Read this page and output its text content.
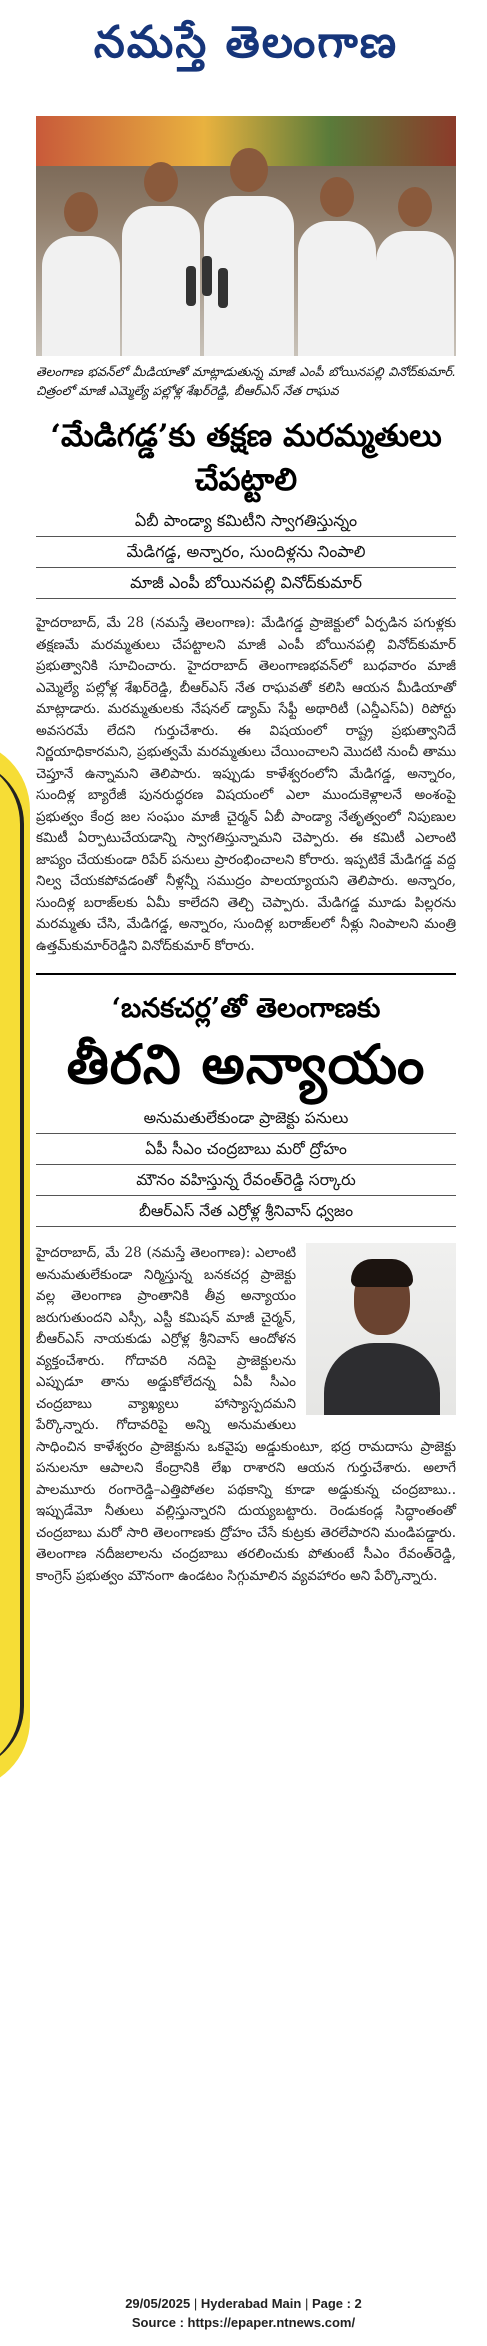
నమస్తే తెలంగాణ
తెలంగాణ భవన్‌లో మీడియాతో మాట్లాడుతున్న మాజీ ఎంపీ బోయినపల్లి వినోద్‌కుమార్. చిత్రంలో మాజీ ఎమ్మెల్యే పల్లోళ్ల శేఖర్‌రెడ్డి, బీఆర్‌ఎస్ నేత రాఘవ
‘మేడిగడ్డ’కు తక్షణ మరమ్మతులు చేపట్టాలి
ఏబీ పాండ్యా కమిటీని స్వాగతిస్తున్నం
మేడిగడ్డ, అన్నారం, సుందిళ్లను నింపాలి
మాజీ ఎంపీ బోయినపల్లి వినోద్‌కుమార్
హైదరాబాద్, మే 28 (నమస్తే తెలంగాణ): మేడిగడ్డ ప్రాజెక్టులో ఏర్పడిన పగుళ్లకు తక్షణమే మరమ్మతులు చేపట్టాలని మాజీ ఎంపీ బోయినపల్లి వినోద్‌కుమార్ ప్రభుత్వానికి సూచించారు. హైదరాబాద్ తెలంగాణభవన్‌లో బుధవారం మాజీ ఎమ్మెల్యే పల్లోళ్ల శేఖర్‌రెడ్డి, బీఆర్‌ఎస్ నేత రాఘవతో కలిసి ఆయన మీడియాతో మాట్లాడారు. మరమ్మతులకు నేషనల్ డ్యామ్ సేఫ్టీ అథారిటీ (ఎన్డీఎస్‌ఏ) రిపోర్టు అవసరమే లేదని గుర్తుచేశారు. ఈ విషయంలో రాష్ట్ర ప్రభుత్వానిదే నిర్ణయాధికారమని, ప్రభుత్వమే మరమ్మతులు చేయించాలని మొదటి నుంచీ తాము చెప్తూనే ఉన్నామని తెలిపారు. ఇప్పుడు కాళేశ్వరంలోని మేడిగడ్డ, అన్నారం, సుందిళ్ల బ్యారేజీ పునరుద్ధరణ విషయంలో ఎలా ముందుకెళ్లాలనే అంశంపై ప్రభుత్వం కేంద్ర జల సంఘం మాజీ చైర్మన్ ఏబీ పాండ్యా నేతృత్వంలో నిపుణుల కమిటీ ఏర్పాటుచేయడాన్ని స్వాగతిస్తున్నామని చెప్పారు. ఈ కమిటీ ఎలాంటి జాప్యం చేయకుండా రిపేర్ పనులు ప్రారంభించాలని కోరారు. ఇప్పటికే మేడిగడ్డ వద్ద నిల్వ చేయకపోవడంతో నీళ్లన్నీ సముద్రం పాలయ్యాయని తెలిపారు. అన్నారం, సుందిళ్ల బరాజ్‌లకు ఏమీ కాలేదని తెల్చి చెప్పారు. మేడిగడ్డ మూడు పిల్లరను మరమ్మతు చేసి, మేడిగడ్డ, అన్నారం, సుందిళ్ల బరాజ్‌లలో నీళ్లు నింపాలని మంత్రి ఉత్తమ్‌కుమార్‌రెడ్డిని వినోద్‌కుమార్ కోరారు.
‘బనకచర్ల’తో తెలంగాణకు
తీరని అన్యాయం
అనుమతులేకుండా ప్రాజెక్టు పనులు
ఏపీ సీఎం చంద్రబాబు మరో ద్రోహం
మౌనం వహిస్తున్న రేవంత్‌రెడ్డి సర్కారు
బీఆర్‌ఎస్ నేత ఎర్రోళ్ల శ్రీనివాస్ ధ్వజం
హైదరాబాద్, మే 28 (నమస్తే తెలంగాణ): ఎలాంటి అనుమతులేకుండా నిర్మిస్తున్న బనకచర్ల ప్రాజెక్టు వల్ల తెలంగాణ ప్రాంతానికి తీవ్ర అన్యాయం జరుగుతుందని ఎస్సీ, ఎస్టీ కమిషన్ మాజీ చైర్మన్, బీఆర్‌ఎస్ నాయకుడు ఎర్రోళ్ల శ్రీనివాస్ ఆందోళన వ్యక్తంచేశారు. గోదావరి నదిపై ప్రాజెక్టులను ఎప్పుడూ తాను అడ్డుకోలేదన్న ఏపీ సీఎం చంద్రబాబు వ్యాఖ్యలు హాస్యాస్పదమని పేర్కొన్నారు. గోదావరిపై అన్ని అనుమతులు సాధించిన కాళేశ్వరం ప్రాజెక్టును ఒకవైపు అడ్డుకుంటూ, భద్ర రామదాసు ప్రాజెక్టు పనులనూ ఆపాలని కేంద్రానికి లేఖ రాశారని ఆయన గుర్తుచేశారు. అలాగే పాలమూరు రంగారెడ్డి–ఎత్తిపోతల పథకాన్ని కూడా అడ్డుకున్న చంద్రబాబు.. ఇప్పుడేమో నీతులు వల్లిస్తున్నారని దుయ్యబట్టారు. రెండుకండ్ల సిద్ధాంతంతో చంద్రబాబు మరో సారి తెలంగాణకు ద్రోహం చేసే కుట్రకు తెరలేపారని మండిపడ్డారు. తెలంగాణ నదీజలాలను చంద్రబాబు తరలించుకు పోతుంటే సీఎం రేవంత్‌రెడ్డి, కాంగ్రెస్ ప్రభుత్వం మౌనంగా ఉండటం సిగ్గుమాలిన వ్యవహారం అని పేర్కొన్నారు.
29/05/2025 | Hyderabad Main | Page : 2
Source : https://epaper.ntnews.com/
